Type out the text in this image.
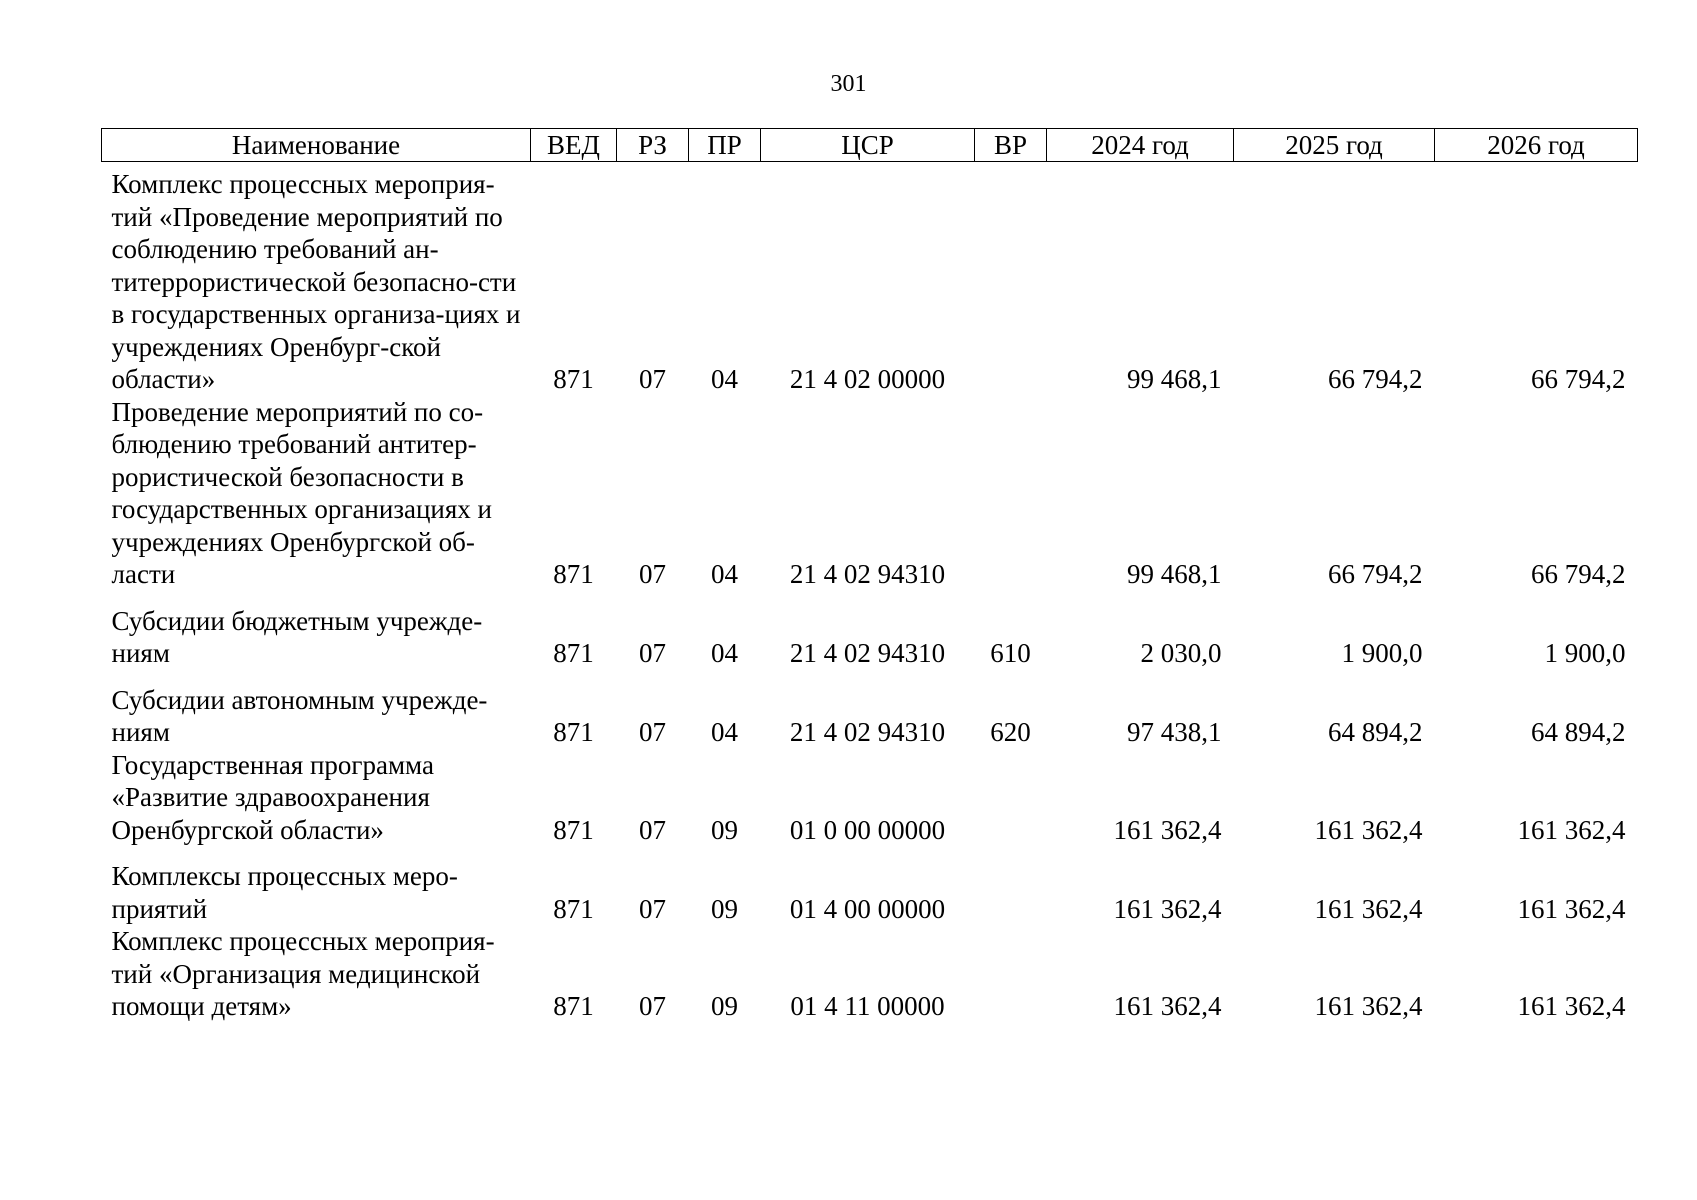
301
Наименование	ВЕД	РЗ	ПР	ЦСР	ВР	2024 год	2025 год	2026 год
Комплекс процессных мероприя-тий «Проведение мероприятий по соблюдению требований ан-титеррористической безопасно-сти в государственных организа-циях и учреждениях Оренбург-ской области»	871	07	04	21 4 02 00000		99 468,1	66 794,2	66 794,2
Проведение мероприятий по со-блюдению требований антитер-рористической безопасности в государственных организациях и учреждениях Оренбургской об-ласти	871	07	04	21 4 02 94310		99 468,1	66 794,2	66 794,2
Субсидии бюджетным учрежде-ниям	871	07	04	21 4 02 94310	610	2 030,0	1 900,0	1 900,0
Субсидии автономным учрежде-ниям	871	07	04	21 4 02 94310	620	97 438,1	64 894,2	64 894,2
Государственная программа «Развитие здравоохранения Оренбургской области»	871	07	09	01 0 00 00000		161 362,4	161 362,4	161 362,4
Комплексы процессных меро-приятий	871	07	09	01 4 00 00000		161 362,4	161 362,4	161 362,4
Комплекс процессных мероприя-тий «Организация медицинской помощи детям»	871	07	09	01 4 11 00000		161 362,4	161 362,4	161 362,4
